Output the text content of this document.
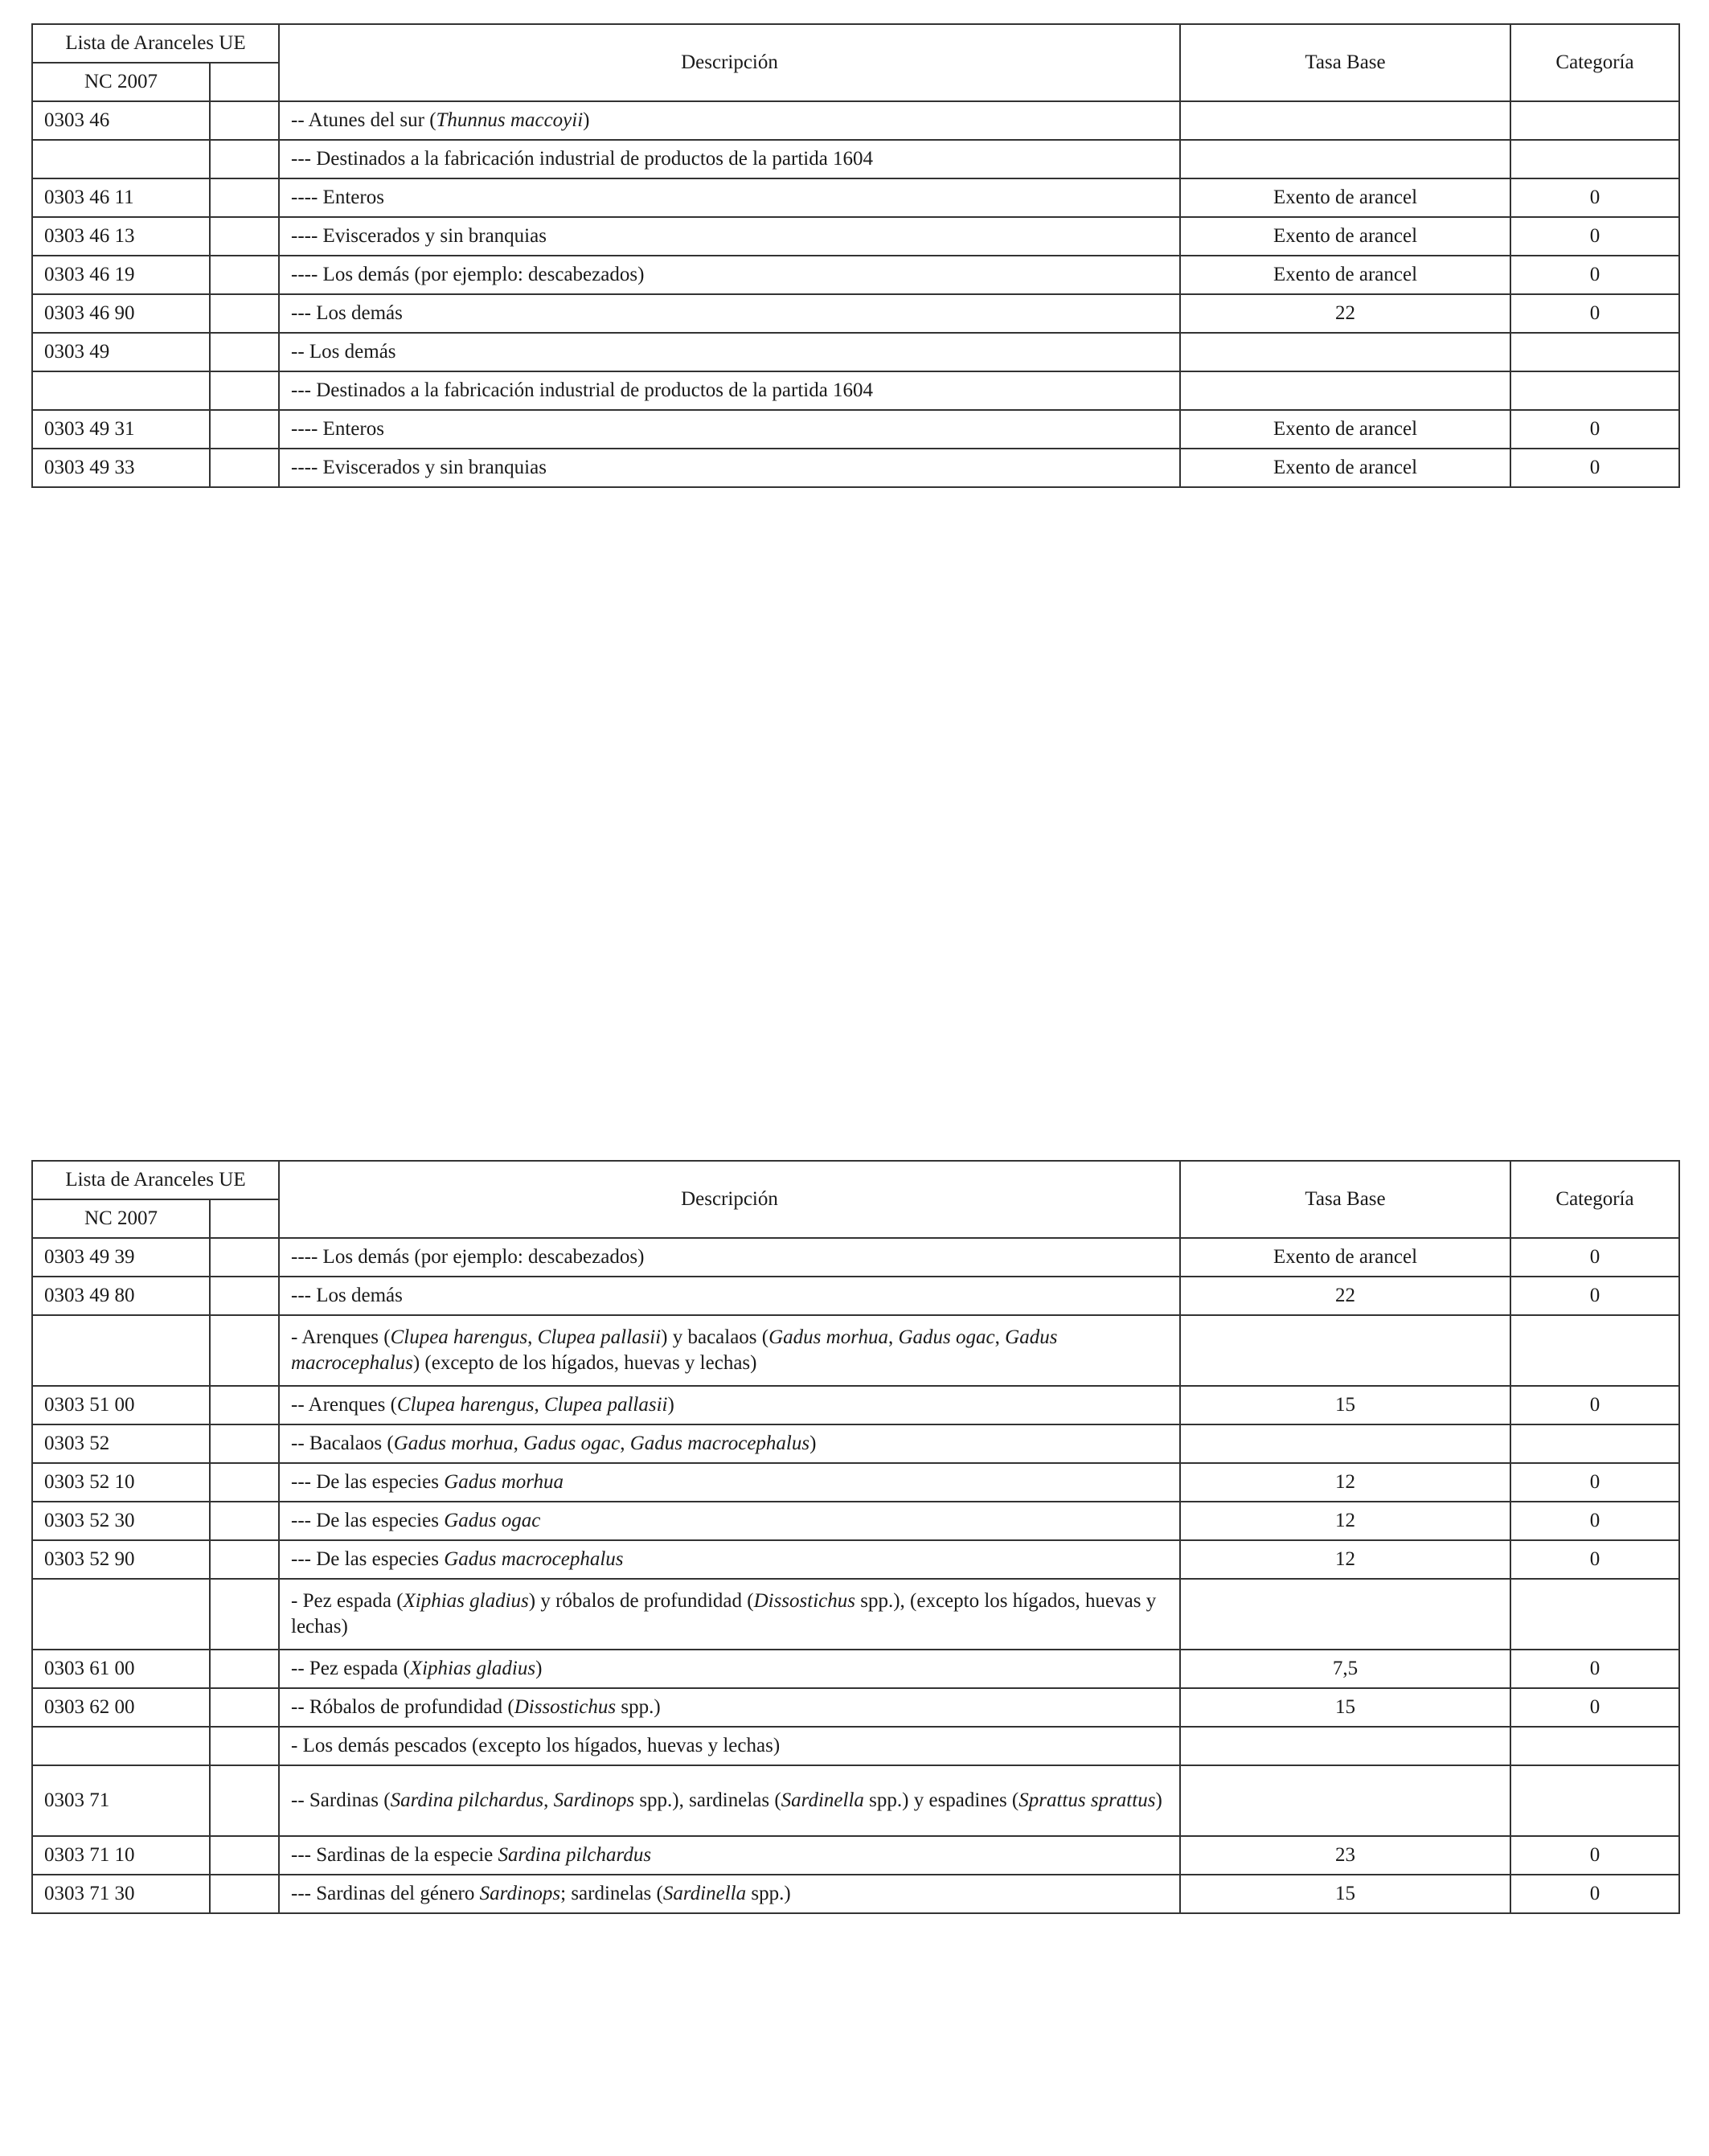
Lista de Aranceles UE		Descripción	Tasa Base	Categoría
NC 2007				
0303 46		-- Atunes del sur (Thunnus maccoyii)		
		--- Destinados a la fabricación industrial de productos de la partida 1604		
0303 46 11		---- Enteros	Exento de arancel	0
0303 46 13		---- Eviscerados y sin branquias	Exento de arancel	0
0303 46 19		---- Los demás (por ejemplo: descabezados)	Exento de arancel	0
0303 46 90		--- Los demás	22	0
0303 49		-- Los demás		
		--- Destinados a la fabricación industrial de productos de la partida 1604		
0303 49 31		---- Enteros	Exento de arancel	0
0303 49 33		---- Eviscerados y sin branquias	Exento de arancel	0
Lista de Aranceles UE		Descripción	Tasa Base	Categoría
NC 2007				
0303 49 39		---- Los demás (por ejemplo: descabezados)	Exento de arancel	0
0303 49 80		--- Los demás	22	0
		- Arenques (Clupea harengus, Clupea pallasii) y bacalaos (Gadus morhua, Gadus ogac, Gadus macrocephalus) (excepto de los hígados, huevas y lechas)		
0303 51 00		-- Arenques (Clupea harengus, Clupea pallasii)	15	0
0303 52		-- Bacalaos (Gadus morhua, Gadus ogac, Gadus macrocephalus)		
0303 52 10		--- De las especies Gadus morhua	12	0
0303 52 30		--- De las especies Gadus ogac	12	0
0303 52 90		--- De las especies Gadus macrocephalus	12	0
		- Pez espada (Xiphias gladius) y róbalos de profundidad (Dissostichus spp.), (excepto los hígados, huevas y lechas)		
0303 61 00		-- Pez espada (Xiphias gladius)	7,5	0
0303 62 00		-- Róbalos de profundidad (Dissostichus spp.)	15	0
		- Los demás pescados (excepto los hígados, huevas y lechas)		
0303 71		-- Sardinas (Sardina pilchardus, Sardinops spp.), sardinelas (Sardinella spp.) y espadines (Sprattus sprattus)		
0303 71 10		--- Sardinas de la especie Sardina pilchardus	23	0
0303 71 30		--- Sardinas del género Sardinops; sardinelas (Sardinella spp.)	15	0
